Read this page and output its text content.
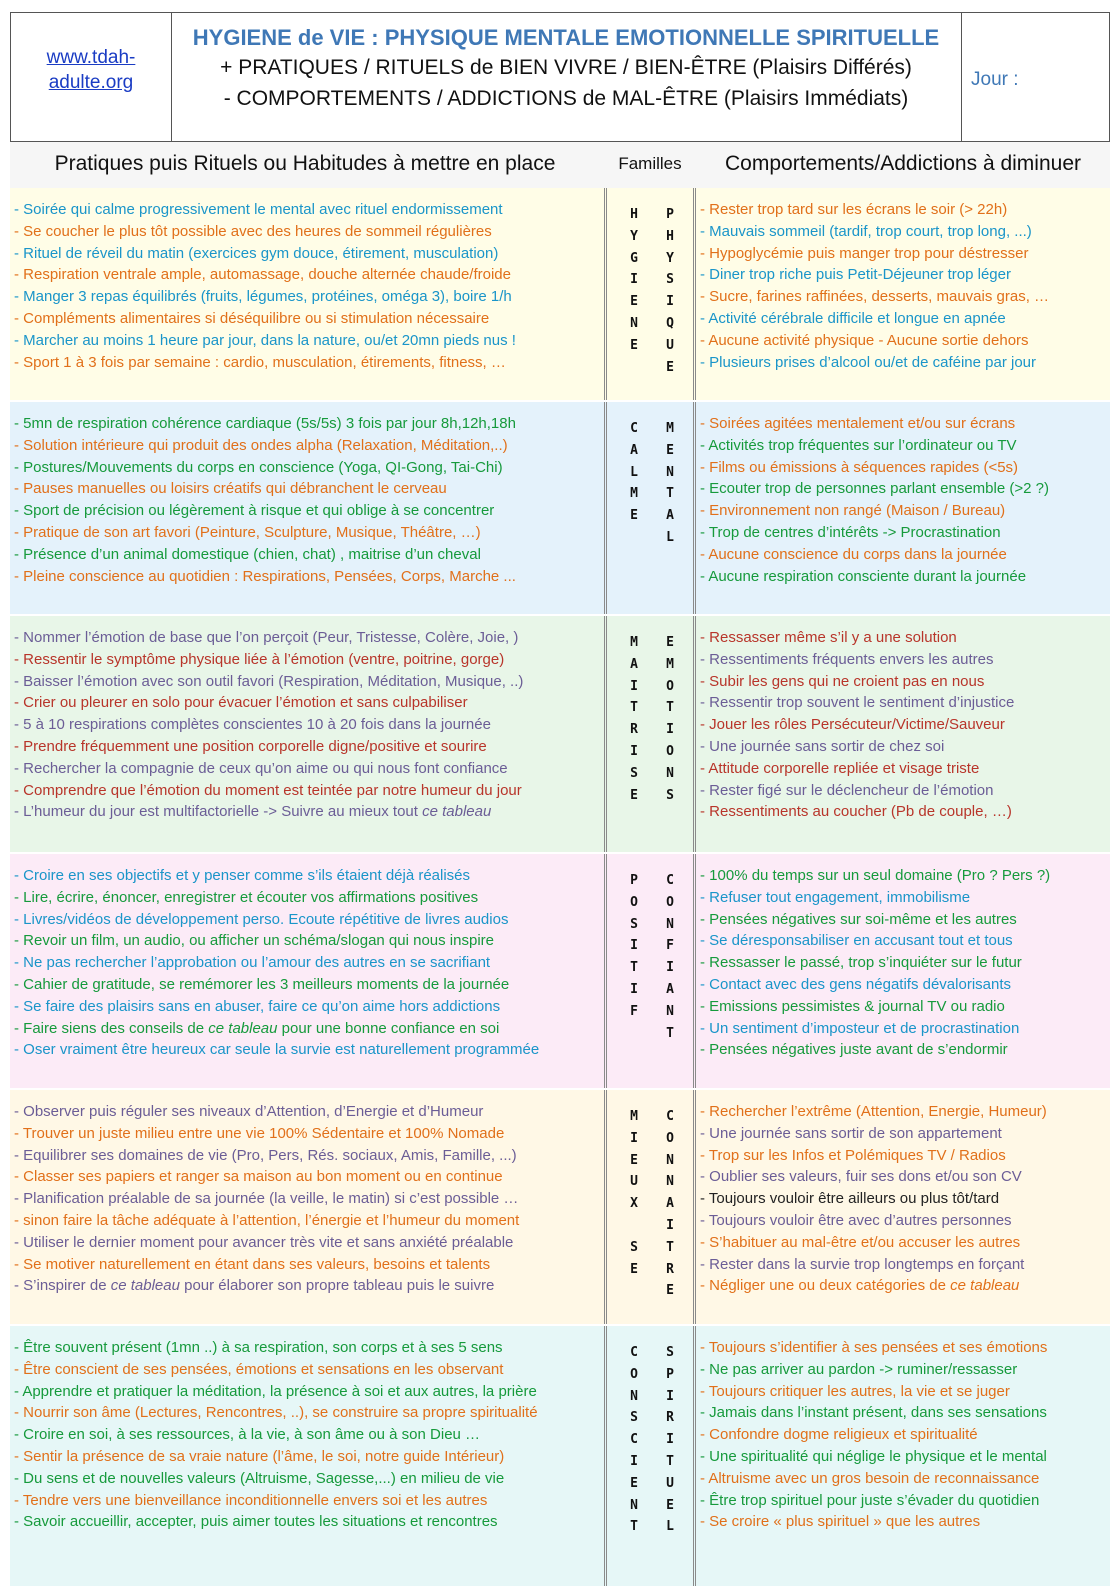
www.tdah-
adulte.org
HYGIENE de VIE : PHYSIQUE MENTALE EMOTIONNELLE SPIRITUELLE
+ PRATIQUES / RITUELS de BIEN VIVRE / BIEN-ÊTRE (Plaisirs Différés)
- COMPORTEMENTS / ADDICTIONS de MAL-ÊTRE (Plaisirs Immédiats)
Jour :
Pratiques puis Rituels ou Habitudes à mettre en place	Familles	Comportements/Addictions à diminuer
- Soirée qui calme progressivement le mental avec rituel endormissement
- Se coucher le plus tôt possible avec des heures de sommeil régulières
- Rituel de réveil du matin (exercices gym douce, étirement, musculation)
- Respiration ventrale ample, automassage, douche alternée chaude/froide
- Manger 3 repas équilibrés (fruits, légumes, protéines, oméga 3), boire 1/h
- Compléments alimentaires si déséquilibre ou si stimulation nécessaire
- Marcher au moins 1 heure par jour, dans la nature, ou/et 20mn pieds nus !
- Sport 1 à 3 fois par semaine : cardio, musculation, étirements, fitness, …
H
Y
G
I
E
N
E
P
H
Y
S
I
Q
U
E
- Rester trop tard sur les écrans le soir (> 22h)
- Mauvais sommeil (tardif, trop court, trop long, ...)
- Hypoglycémie puis manger trop pour déstresser
- Diner trop riche puis Petit-Déjeuner trop léger
- Sucre, farines raffinées, desserts, mauvais gras, …
- Activité cérébrale difficile et longue en apnée
- Aucune activité physique - Aucune sortie dehors
- Plusieurs prises d’alcool ou/et de caféine par jour
- 5mn de respiration cohérence cardiaque (5s/5s) 3 fois par jour 8h,12h,18h
- Solution intérieure qui produit des ondes alpha (Relaxation, Méditation,..)
- Postures/Mouvements du corps en conscience (Yoga, QI-Gong, Tai-Chi)
- Pauses manuelles ou loisirs créatifs qui débranchent le cerveau
- Sport de précision ou légèrement à risque et qui oblige à se concentrer
- Pratique de son art favori (Peinture, Sculpture, Musique, Théâtre, …)
- Présence d’un animal domestique (chien, chat) , maitrise d’un cheval
- Pleine conscience au quotidien : Respirations, Pensées, Corps, Marche ...
C
A
L
M
E
M
E
N
T
A
L
- Soirées agitées mentalement et/ou sur écrans
- Activités trop fréquentes sur l’ordinateur ou TV
- Films ou émissions à séquences rapides (<5s)
- Ecouter trop de personnes parlant ensemble (>2 ?)
- Environnement non rangé (Maison / Bureau)
- Trop de centres d’intérêts -> Procrastination
- Aucune conscience du corps dans la journée
- Aucune respiration consciente durant la journée
- Nommer l’émotion de base que l’on perçoit (Peur, Tristesse, Colère, Joie, )
- Ressentir le symptôme physique liée à l’émotion (ventre, poitrine, gorge)
- Baisser l’émotion avec son outil favori (Respiration, Méditation, Musique, ..)
- Crier ou pleurer en solo pour évacuer l’émotion et sans culpabiliser
- 5 à 10 respirations complètes conscientes 10 à 20 fois dans la journée
- Prendre fréquemment une position corporelle digne/positive et sourire
- Rechercher la compagnie de ceux qu’on aime ou qui nous font confiance
- Comprendre que l’émotion du moment est teintée par notre humeur du jour
- L’humeur du jour est multifactorielle -> Suivre au mieux tout ce tableau
M
A
I
T
R
I
S
E
E
M
O
T
I
O
N
S
- Ressasser même s’il y a une solution
- Ressentiments fréquents envers les autres
- Subir les gens qui ne croient pas en nous
- Ressentir trop souvent le sentiment d’injustice
- Jouer les rôles Persécuteur/Victime/Sauveur
- Une journée sans sortir de chez soi
- Attitude corporelle repliée et visage triste
- Rester figé sur le déclencheur de l’émotion
- Ressentiments au coucher (Pb de couple, …)
- Croire en ses objectifs et y penser comme s’ils étaient déjà réalisés
- Lire, écrire, énoncer, enregistrer et écouter vos affirmations positives
- Livres/vidéos de développement perso. Ecoute répétitive de livres audios
- Revoir un film, un audio, ou afficher un schéma/slogan qui nous inspire
- Ne pas rechercher l’approbation ou l’amour des autres en se sacrifiant
- Cahier de gratitude, se remémorer les 3 meilleurs moments de la journée
- Se faire des plaisirs sans en abuser, faire ce qu’on aime hors addictions
- Faire siens des conseils de ce tableau pour une bonne confiance en soi
- Oser vraiment être heureux car seule la survie est naturellement programmée
P
O
S
I
T
I
F
C
O
N
F
I
A
N
T
- 100% du temps sur un seul domaine (Pro ? Pers ?)
- Refuser tout engagement, immobilisme
- Pensées négatives sur soi-même et les autres
- Se déresponsabiliser en accusant tout et tous
- Ressasser le passé, trop s’inquiéter sur le futur
- Contact avec des gens négatifs dévalorisants
- Emissions pessimistes & journal TV ou radio
- Un sentiment d’imposteur et de procrastination
- Pensées négatives juste avant de s’endormir
- Observer puis réguler ses niveaux d’Attention, d’Energie et d’Humeur
- Trouver un juste milieu entre une vie 100% Sédentaire et 100% Nomade
- Equilibrer ses domaines de vie (Pro, Pers, Rés. sociaux, Amis, Famille, ...)
- Classer ses papiers et ranger sa maison au bon moment ou en continue
- Planification préalable de sa journée (la veille, le matin) si c’est possible …
- sinon faire la tâche adéquate à l’attention, l’énergie et l’humeur du moment
- Utiliser le dernier moment pour avancer très vite et sans anxiété préalable
- Se motiver naturellement en étant dans ses valeurs, besoins et talents
- S’inspirer de ce tableau pour élaborer son propre tableau puis le suivre
M
I
E
U
X

S
E
C
O
N
N
A
I
T
R
E
- Rechercher l’extrême (Attention, Energie, Humeur)
- Une journée sans sortir de son appartement
- Trop sur les Infos et Polémiques TV / Radios
- Oublier ses valeurs, fuir ses dons et/ou son CV
- Toujours vouloir être ailleurs ou plus tôt/tard
- Toujours vouloir être avec d’autres personnes
- S’habituer au mal-être et/ou accuser les autres
- Rester dans la survie trop longtemps en forçant
- Négliger une ou deux catégories de ce tableau
- Être souvent présent (1mn ..) à sa respiration, son corps et à ses 5 sens
- Être conscient de ses pensées, émotions et sensations en les observant
- Apprendre et pratiquer la méditation, la présence à soi et aux autres, la prière
- Nourrir son âme (Lectures, Rencontres, ..), se construire sa propre spiritualité
- Croire en soi, à ses ressources, à la vie, à son âme ou à son Dieu …
- Sentir la présence de sa vraie nature (l’âme, le soi, notre guide Intérieur)
- Du sens et de nouvelles valeurs (Altruisme, Sagesse,...) en milieu de vie
- Tendre vers une bienveillance inconditionnelle envers soi et les autres
- Savoir accueillir, accepter, puis aimer toutes les situations et rencontres
C
O
N
S
C
I
E
N
T
S
P
I
R
I
T
U
E
L
- Toujours s’identifier à ses pensées et ses émotions
- Ne pas arriver au pardon -> ruminer/ressasser
- Toujours critiquer les autres, la vie et se juger
- Jamais dans l’instant présent, dans ses sensations
- Confondre dogme religieux et spiritualité
- Une spiritualité qui néglige le physique et le mental
- Altruisme avec un gros besoin de reconnaissance
- Être trop spirituel pour juste s’évader du quotidien
- Se croire « plus spirituel » que les autres
